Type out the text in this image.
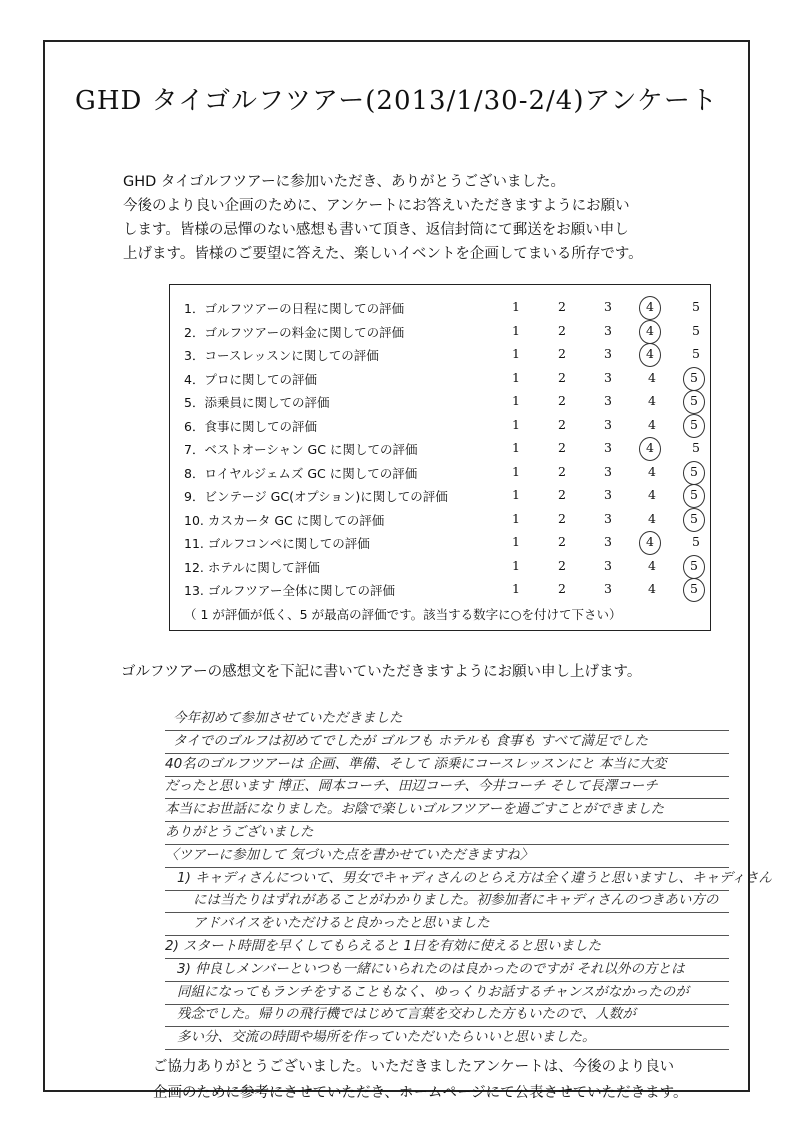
GHD タイゴルフツアー(2013/1/30-2/4)アンケート

GHD タイゴルフツアーに参加いただき、ありがとうございました。

今後のより良い企画のために、アンケートにお答えいただきますようにお願い

します。皆様の忌憚のない感想も書いて頂き、返信封筒にて郵送をお願い申し

上げます。皆様のご要望に答えた、楽しいイベントを企画してまいる所存です。

（ 1 が評価が低く、5 が最高の評価です。該当する数字に○を付けて下さい）
1．ゴルフツアーの日程に関しての評価	1	2	3	4	5
2．ゴルフツアーの料金に関しての評価	1	2	3	4	5
3．コースレッスンに関しての評価	1	2	3	4	5
4．プロに関しての評価	1	2	3	4	5
5．添乗員に関しての評価	1	2	3	4	5
6．食事に関しての評価	1	2	3	4	5
7．ベストオーシャン GC に関しての評価	1	2	3	4	5
8．ロイヤルジェムズ GC に関しての評価	1	2	3	4	5
9．ビンテージ GC(オプション)に関しての評価	1	2	3	4	5
10. カスカータ GC に関しての評価	1	2	3	4	5
11. ゴルフコンペに関しての評価	1	2	3	4	5
12. ホテルに関して評価	1	2	3	4	5
13. ゴルフツアー全体に関しての評価	1	2	3	4	5
ゴルフツアーの感想文を下記に書いていただきますようにお願い申し上げます。
今年初めて参加させていただきました
タイでのゴルフは初めてでしたが ゴルフも ホテルも 食事も すべて満足でした
40名のゴルフツアーは 企画、準備、そして 添乗にコースレッスンにと 本当に大変
だったと思います 博正、岡本コーチ、田辺コーチ、今井コーチ そして長澤コーチ
本当にお世話になりました。お陰で楽しいゴルフツアーを過ごすことができました
ありがとうございました
〈ツアーに参加して 気づいた点を書かせていただきますね〉
1) キャディさんについて、男女でキャディさんのとらえ方は全く違うと思いますし、キャディさん
には当たりはずれがあることがわかりました。初参加者にキャディさんのつきあい方の
アドバイスをいただけると良かったと思いました
2) スタート時間を早くしてもらえると 1日を有効に使えると思いました
3) 仲良しメンバーといつも一緒にいられたのは良かったのですが それ以外の方とは
同組になってもランチをすることもなく、ゆっくりお話するチャンスがなかったのが
残念でした。帰りの飛行機ではじめて言葉を交わした方もいたので、人数が
多い分、交流の時間や場所を作っていただいたらいいと思いました。

ご協力ありがとうございました。いただきましたアンケートは、今後のより良い

企画のために参考にさせていただき、ホームページにて公表させていただきます。
